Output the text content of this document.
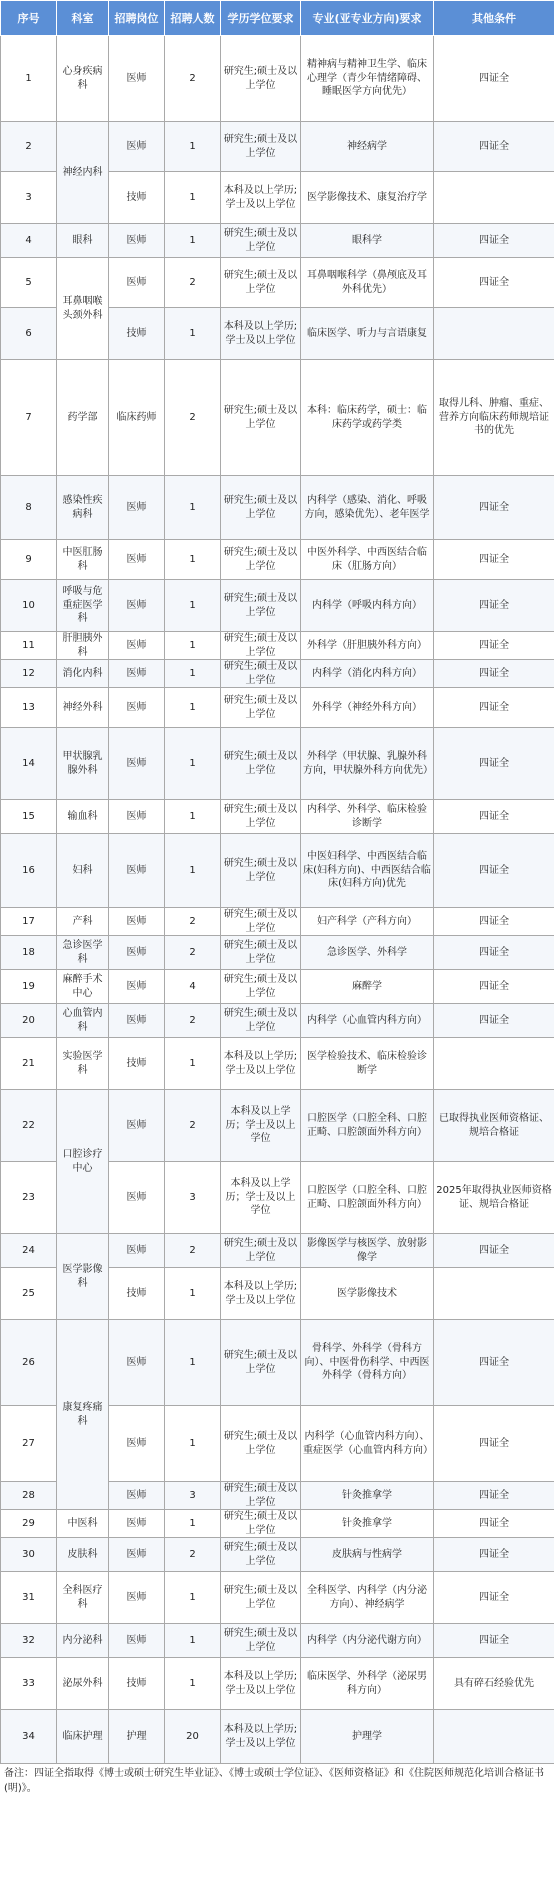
序号	科室	招聘岗位	招聘人数	学历学位要求	专业(亚专业方向)要求	其他条件
1	心身疾病科	医师	2	研究生;硕士及以上学位	精神病与精神卫生学、临床心理学（青少年情绪障碍、睡眠医学方向优先）	四证全
2	神经内科	医师	1	研究生;硕士及以上学位	神经病学	四证全
3		技师	1	本科及以上学历;学士及以上学位	医学影像技术、康复治疗学	
4	眼科	医师	1	研究生;硕士及以上学位	眼科学	四证全
5	耳鼻咽喉头颈外科	医师	2	研究生;硕士及以上学位	耳鼻咽喉科学（鼻颅底及耳外科优先）	四证全
6		技师	1	本科及以上学历;学士及以上学位	临床医学、听力与言语康复	
7	药学部	临床药师	2	研究生;硕士及以上学位	本科：临床药学，硕士：临床药学或药学类	取得儿科、肿瘤、重症、营养方向临床药师规培证书的优先
8	感染性疾病科	医师	1	研究生;硕士及以上学位	内科学（感染、消化、呼吸方向，感染优先）、老年医学	四证全
9	中医肛肠科	医师	1	研究生;硕士及以上学位	中医外科学、中西医结合临床（肛肠方向）	四证全
10	呼吸与危重症医学科	医师	1	研究生;硕士及以上学位	内科学（呼吸内科方向）	四证全
11	肝胆胰外科	医师	1	研究生;硕士及以上学位	外科学（肝胆胰外科方向）	四证全
12	消化内科	医师	1	研究生;硕士及以上学位	内科学（消化内科方向）	四证全
13	神经外科	医师	1	研究生;硕士及以上学位	外科学（神经外科方向）	四证全
14	甲状腺乳腺外科	医师	1	研究生;硕士及以上学位	外科学（甲状腺、乳腺外科方向，甲状腺外科方向优先）	四证全
15	输血科	医师	1	研究生;硕士及以上学位	内科学、外科学、临床检验诊断学	四证全
16	妇科	医师	1	研究生;硕士及以上学位	中医妇科学、中西医结合临床(妇科方向)、中西医结合临床(妇科方向)优先	四证全
17	产科	医师	2	研究生;硕士及以上学位	妇产科学（产科方向）	四证全
18	急诊医学科	医师	2	研究生;硕士及以上学位	急诊医学、外科学	四证全
19	麻醉手术中心	医师	4	研究生;硕士及以上学位	麻醉学	四证全
20	心血管内科	医师	2	研究生;硕士及以上学位	内科学（心血管内科方向）	四证全
21	实验医学科	技师	1	本科及以上学历;学士及以上学位	医学检验技术、临床检验诊断学	
22	口腔诊疗中心	医师	2	本科及以上学历；学士及以上学位	口腔医学（口腔全科、口腔正畸、口腔颌面外科方向）	已取得执业医师资格证、规培合格证
23		医师	3	本科及以上学历；学士及以上学位	口腔医学（口腔全科、口腔正畸、口腔颌面外科方向）	2025年取得执业医师资格证、规培合格证
24	医学影像科	医师	2	研究生;硕士及以上学位	影像医学与核医学、放射影像学	四证全
25		技师	1	本科及以上学历;学士及以上学位	医学影像技术	
26	康复疼痛科	医师	1	研究生;硕士及以上学位	骨科学、外科学（骨科方向）、中医骨伤科学、中西医外科学（骨科方向）	四证全
27		医师	1	研究生;硕士及以上学位	内科学（心血管内科方向）、重症医学（心血管内科方向）	四证全
28		医师	3	研究生;硕士及以上学位	针灸推拿学	四证全
29	中医科	医师	1	研究生;硕士及以上学位	针灸推拿学	四证全
30	皮肤科	医师	2	研究生;硕士及以上学位	皮肤病与性病学	四证全
31	全科医疗科	医师	1	研究生;硕士及以上学位	全科医学、内科学（内分泌方向）、神经病学	四证全
32	内分泌科	医师	1	研究生;硕士及以上学位	内科学（内分泌代谢方向）	四证全
33	泌尿外科	技师	1	本科及以上学历;学士及以上学位	临床医学、外科学（泌尿男科方向）	具有碎石经验优先
34	临床护理	护理	20	本科及以上学历;学士及以上学位	护理学	
备注：四证全指取得《博士或硕士研究生毕业证》、《博士或硕士学位证》、《医师资格证》和《住院医师规范化培训合格证书(明)》。
